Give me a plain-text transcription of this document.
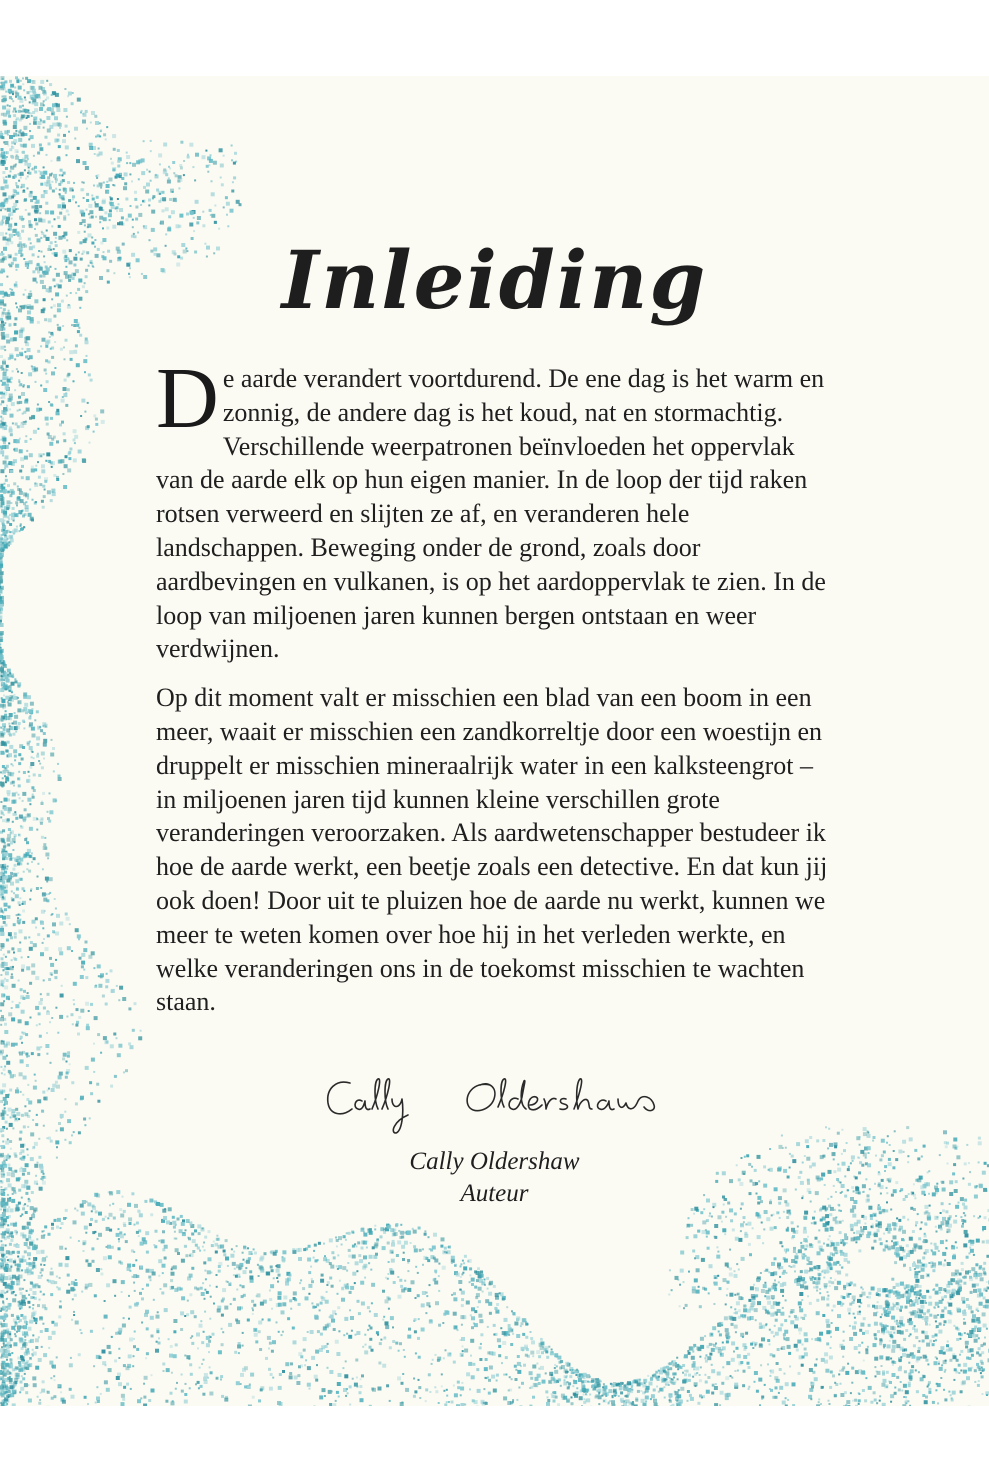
Inleiding

De aarde verandert voortdurend. De ene dag is het warm en zonnig, de andere dag is het koud, nat en stormachtig. Verschillende weerpatronen beïnvloeden het oppervlak van de aarde elk op hun eigen manier. In de loop der tijd raken rotsen verweerd en slijten ze af, en veranderen hele landschappen. Beweging onder de grond, zoals door aardbevingen en vulkanen, is op het aardoppervlak te zien. In de loop van miljoenen jaren kunnen bergen ontstaan en weer verdwijnen.

Op dit moment valt er misschien een blad van een boom in een meer, waait er misschien een zandkorreltje door een woestijn en druppelt er misschien mineraalrijk water in een kalksteengrot – in miljoenen jaren tijd kunnen kleine verschillen grote veranderingen veroorzaken. Als aardwetenschapper bestudeer ik hoe de aarde werkt, een beetje zoals een detective. En dat kun jij ook doen! Door uit te pluizen hoe de aarde nu werkt, kunnen we meer te weten komen over hoe hij in het verleden werkte, en welke veranderingen ons in de toekomst misschien te wachten staan.

Cally Oldershaw
Auteur
